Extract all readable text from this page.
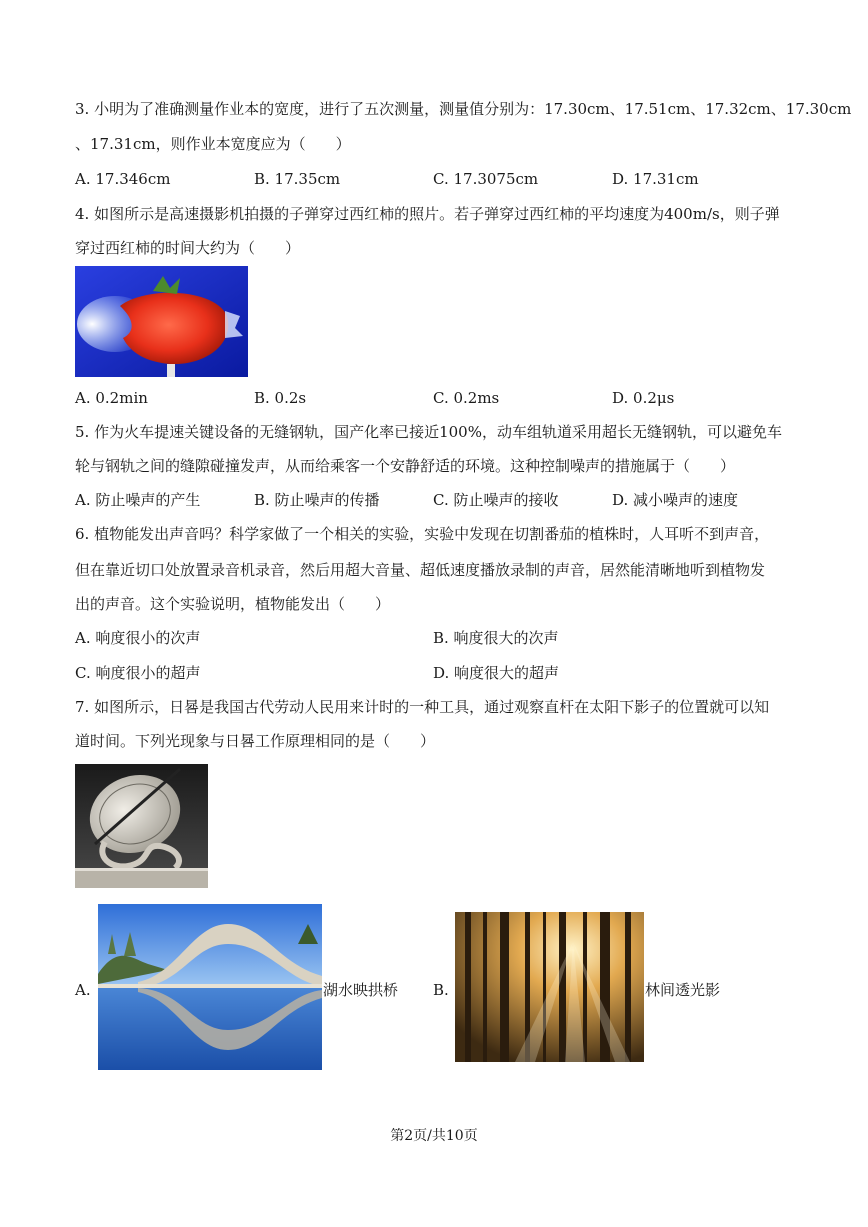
3. 小明为了准确测量作业本的宽度，进行了五次测量，测量值分别为：17.30cm、17.51cm、17.32cm、17.30cm
、17.31cm，则作业本宽度应为（　　）
A. 17.346cm	B. 17.35cm	C. 17.3075cm	D. 17.31cm
4. 如图所示是高速摄影机拍摄的子弹穿过西红柿的照片。若子弹穿过西红柿的平均速度为400m/s，则子弹
穿过西红柿的时间大约为（　　）
A. 0.2min	B. 0.2s	C. 0.2ms	D. 0.2μs
5. 作为火车提速关键设备的无缝钢轨，国产化率已接近100%，动车组轨道采用超长无缝钢轨，可以避免车
轮与钢轨之间的缝隙碰撞发声，从而给乘客一个安静舒适的环境。这种控制噪声的措施属于（　　）
A. 防止噪声的产生	B. 防止噪声的传播	C. 防止噪声的接收	D. 减小噪声的速度
6. 植物能发出声音吗？科学家做了一个相关的实验，实验中发现在切割番茄的植株时，人耳听不到声音，
但在靠近切口处放置录音机录音，然后用超大音量、超低速度播放录制的声音，居然能清晰地听到植物发
出的声音。这个实验说明，植物能发出（　　）
A. 响度很小的次声	B. 响度很大的次声
C. 响度很小的超声	D. 响度很大的超声
7. 如图所示，日晷是我国古代劳动人民用来计时的一种工具，通过观察直杆在太阳下影子的位置就可以知
道时间。下列光现象与日晷工作原理相同的是（　　）
A.	湖水映拱桥 B.	林间透光影
第2页/共10页
